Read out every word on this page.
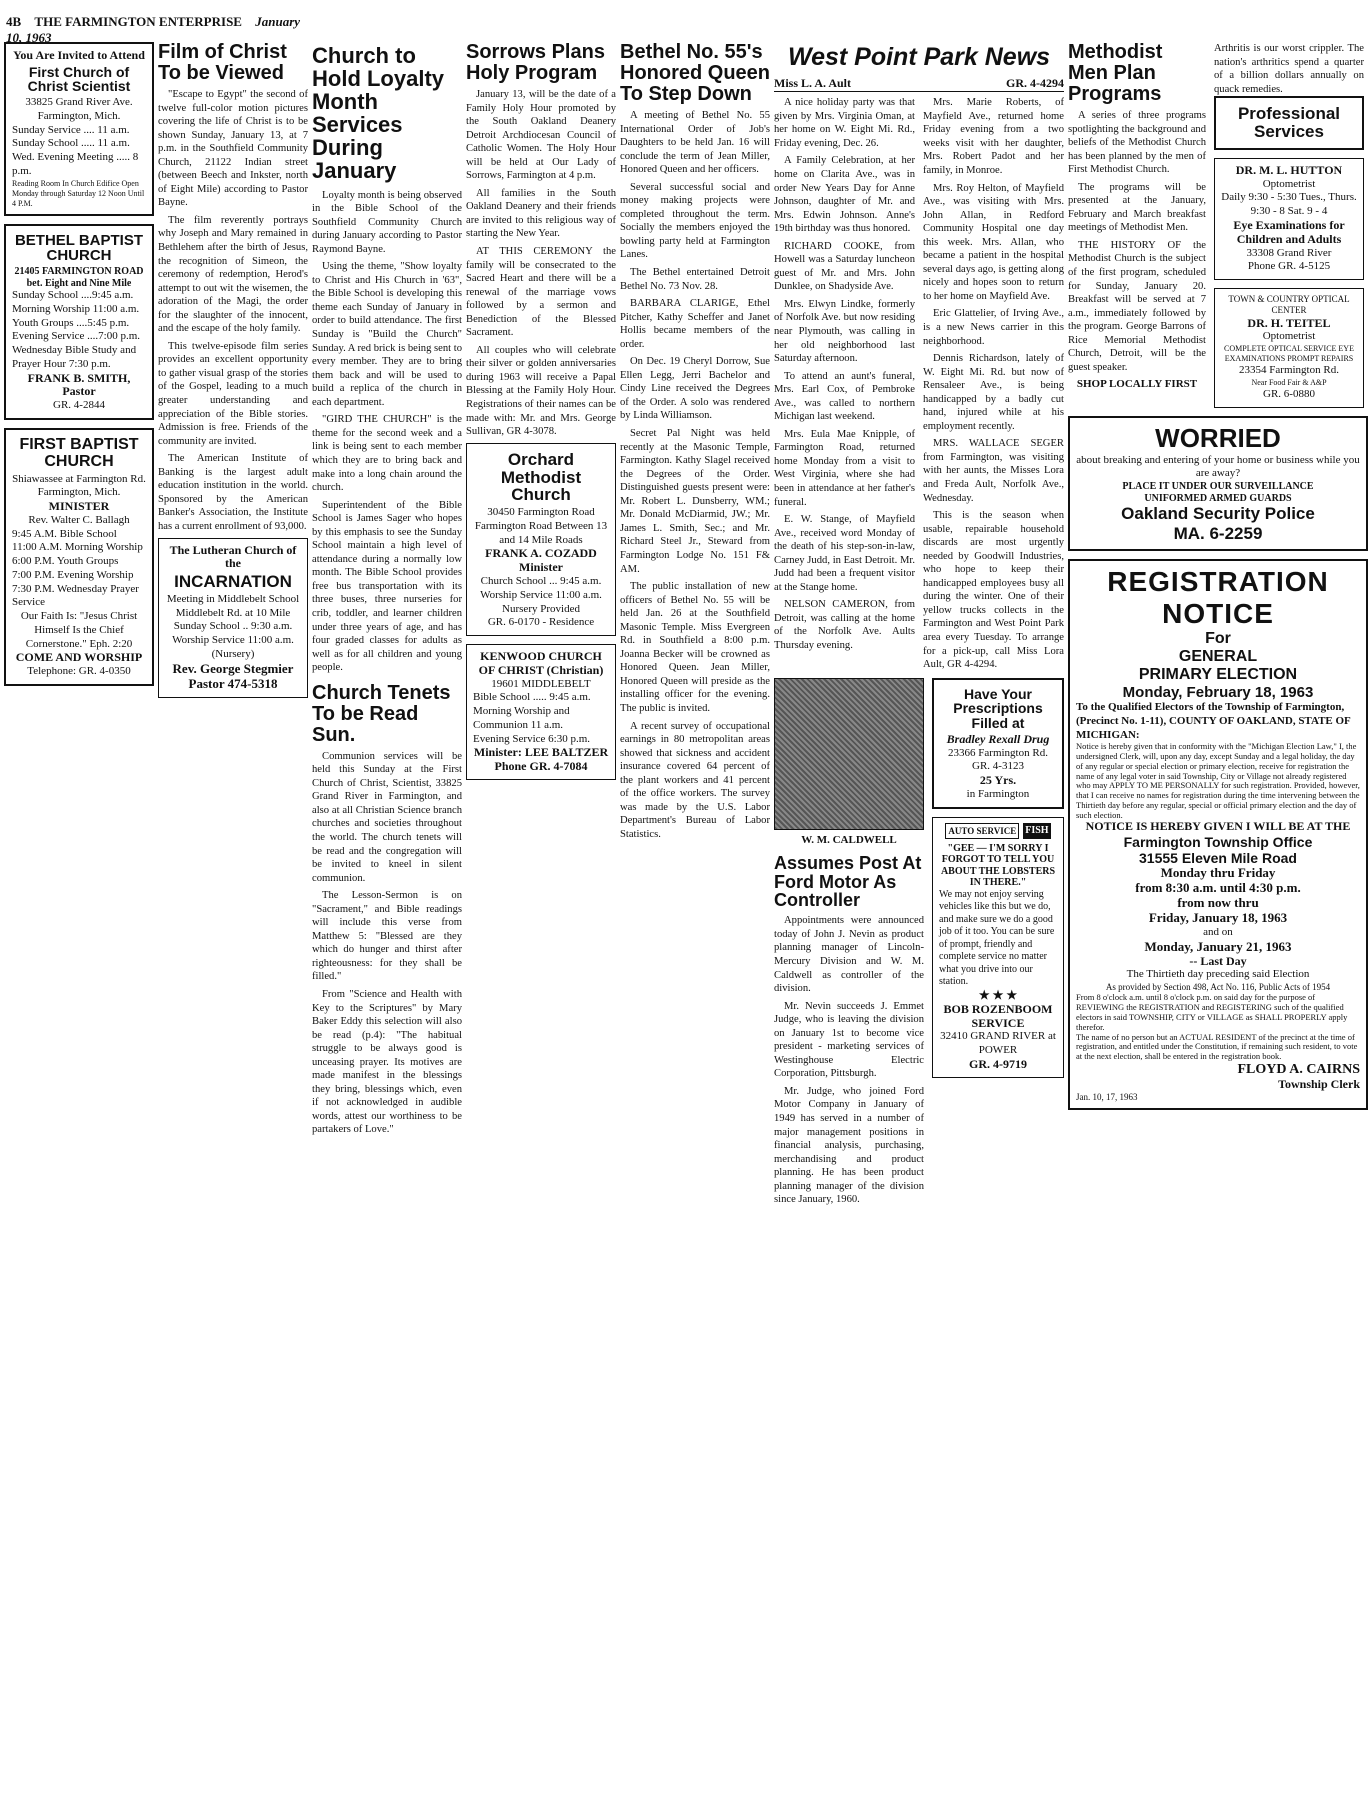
4B THE FARMINGTON ENTERPRISE January 10, 1963
You Are Invited to Attend
First Church of Christ Scientist
33825 Grand River Ave.
Farmington, Mich.
Sunday Service .... 11 a.m.
Sunday School ..... 11 a.m.
Wed. Evening Meeting ..... 8 p.m.
Reading Room In Church Edifice Open Monday through Saturday 12 Noon Until 4 P.M.
BETHEL BAPTIST CHURCH
21405 FARMINGTON ROAD bet. Eight and Nine Mile
Sunday School ....9:45 a.m.
Morning Worship 11:00 a.m.
Youth Groups ....5:45 p.m.
Evening Service ....7:00 p.m.
Wednesday Bible Study and Prayer Hour 7:30 p.m.
FRANK B. SMITH, Pastor
GR. 4-2844
FIRST BAPTIST CHURCH
Shiawassee at Farmington Rd. Farmington, Mich.
MINISTER
Rev. Walter C. Ballagh
9:45 A.M. Bible School
11:00 A.M. Morning Worship
6:00 P.M. Youth Groups
7:00 P.M. Evening Worship
7:30 P.M. Wednesday Prayer Service
Our Faith Is: "Jesus Christ Himself Is the Chief Cornerstone." Eph. 2:20
COME AND WORSHIP
Telephone: GR. 4-0350
Film of Christ To be Viewed

"Escape to Egypt" the second of twelve full-color motion pictures covering the life of Christ is to be shown Sunday, January 13, at 7 p.m. in the Southfield Community Church, 21122 Indian street (between Beech and Inkster, north of Eight Mile) according to Pastor Bayne.

The film reverently portrays why Joseph and Mary remained in Bethlehem after the birth of Jesus, the recognition of Simeon, the ceremony of redemption, Herod's attempt to out wit the wisemen, the adoration of the Magi, the order for the slaughter of the innocent, and the escape of the holy family.

This twelve-episode film series provides an excellent opportunity to gather visual grasp of the stories of the Gospel, leading to a much greater understanding and appreciation of the Bible stories. Admission is free. Friends of the community are invited.

The American Institute of Banking is the largest adult education institution in the world. Sponsored by the American Banker's Association, the Institute has a current enrollment of 93,000.

The Lutheran Church of the
INCARNATION
Meeting in Middlebelt School Middlebelt Rd. at 10 Mile
Sunday School .. 9:30 a.m.
Worship Service 11:00 a.m.
(Nursery)
Rev. George Stegmier Pastor 474-5318
Church to Hold Loyalty Month Services During January

Loyalty month is being observed in the Bible School of the Southfield Community Church during January according to Pastor Raymond Bayne.

Using the theme, "Show loyalty to Christ and His Church in '63", the Bible School is developing this theme each Sunday of January in order to build attendance. The first Sunday is "Build the Church" Sunday. A red brick is being sent to every member. They are to bring them back and will be used to build a replica of the church in each department.

"GIRD THE CHURCH" is the theme for the second week and a link is being sent to each member which they are to bring back and make into a long chain around the church.

Superintendent of the Bible School is James Sager who hopes by this emphasis to see the Sunday School maintain a high level of attendance during a normally low month. The Bible School provides free bus transportation with its three buses, three nurseries for crib, toddler, and learner children under three years of age, and has four graded classes for adults as well as for all children and young people.

Church Tenets To be Read Sun.

Communion services will be held this Sunday at the First Church of Christ, Scientist, 33825 Grand River in Farmington, and also at all Christian Science branch churches and societies throughout the world. The church tenets will be read and the congregation will be invited to kneel in silent communion.

The Lesson-Sermon is on "Sacrament," and Bible readings will include this verse from Matthew 5: "Blessed are they which do hunger and thirst after righteousness: for they shall be filled."

From "Science and Health with Key to the Scriptures" by Mary Baker Eddy this selection will also be read (p.4): "The habitual struggle to be always good is unceasing prayer. Its motives are made manifest in the blessings they bring, blessings which, even if not acknowledged in audible words, attest our worthiness to be partakers of Love."

Sorrows Plans Holy Program

January 13, will be the date of a Family Holy Hour promoted by the South Oakland Deanery Detroit Archdiocesan Council of Catholic Women. The Holy Hour will be held at Our Lady of Sorrows, Farmington at 4 p.m.

All families in the South Oakland Deanery and their friends are invited to this religious way of starting the New Year.

AT THIS CEREMONY the family will be consecrated to the Sacred Heart and there will be a renewal of the marriage vows followed by a sermon and Benediction of the Blessed Sacrament.

All couples who will celebrate their silver or golden anniversaries during 1963 will receive a Papal Blessing at the Family Holy Hour. Registrations of their names can be made with: Mr. and Mrs. George Sullivan, GR 4-3078.

Orchard Methodist Church
30450 Farmington Road Farmington Road Between 13 and 14 Mile Roads
FRANK A. COZADD Minister
Church School ... 9:45 a.m.
Worship Service 11:00 a.m.
Nursery Provided
GR. 6-0170 - Residence
KENWOOD CHURCH OF CHRIST (Christian)
19601 MIDDLEBELT
Bible School ..... 9:45 a.m.
Morning Worship and Communion 11 a.m.
Evening Service 6:30 p.m.
Minister: LEE BALTZER Phone GR. 4-7084
Bethel No. 55's Honored Queen To Step Down

A meeting of Bethel No. 55 International Order of Job's Daughters to be held Jan. 16 will conclude the term of Jean Miller, Honored Queen and her officers.

Several successful social and money making projects were completed throughout the term. Socially the members enjoyed the bowling party held at Farmington Lanes.

The Bethel entertained Detroit Bethel No. 73 Nov. 28.

BARBARA CLARIGE, Ethel Pitcher, Kathy Scheffer and Janet Hollis became members of the order.

On Dec. 19 Cheryl Dorrow, Sue Ellen Legg, Jerri Bachelor and Cindy Line received the Degrees of the Order. A solo was rendered by Linda Williamson.

Secret Pal Night was held recently at the Masonic Temple, Farmington. Kathy Slagel received the Degrees of the Order. Distinguished guests present were: Mr. Robert L. Dunsberry, WM.; Mr. Donald McDiarmid, JW.; Mr. James L. Smith, Sec.; and Mr. Richard Steel Jr., Steward from Farmington Lodge No. 151 F& AM.

The public installation of new officers of Bethel No. 55 will be held Jan. 26 at the Southfield Masonic Temple. Miss Evergreen Rd. in Southfield a 8:00 p.m. Joanna Becker will be crowned as Honored Queen. Jean Miller, Honored Queen will preside as the installing officer for the evening. The public is invited.

A recent survey of occupational earnings in 80 metropolitan areas showed that sickness and accident insurance covered 64 percent of the plant workers and 41 percent of the office workers. The survey was made by the U.S. Labor Department's Bureau of Labor Statistics.

West Point Park News
Miss L. A. Ault	GR. 4-4294

A nice holiday party was that given by Mrs. Virginia Oman, at her home on W. Eight Mi. Rd., Friday evening, Dec. 26.

A Family Celebration, at her home on Clarita Ave., was in order New Years Day for Anne Johnson, daughter of Mr. and Mrs. Edwin Johnson. Anne's 19th birthday was thus honored.

RICHARD COOKE, from Howell was a Saturday luncheon guest of Mr. and Mrs. John Dunklee, on Shadyside Ave.

Mrs. Elwyn Lindke, formerly of Norfolk Ave. but now residing near Plymouth, was calling in her old neighborhood last Saturday afternoon.

To attend an aunt's funeral, Mrs. Earl Cox, of Pembroke Ave., was called to northern Michigan last weekend.

Mrs. Eula Mae Knipple, of Farmington Road, returned home Monday from a visit to West Virginia, where she had been in attendance at her father's funeral.

E. W. Stange, of Mayfield Ave., received word Monday of the death of his step-son-in-law, Carney Judd, in East Detroit. Mr. Judd had been a frequent visitor at the Stange home.

NELSON CAMERON, from Detroit, was calling at the home of the Norfolk Ave. Aults Thursday evening.

Mrs. Marie Roberts, of Mayfield Ave., returned home Friday evening from a two weeks visit with her daughter, Mrs. Robert Padot and her family, in Monroe.

Mrs. Roy Helton, of Mayfield Ave., was visiting with Mrs. John Allan, in Redford Community Hospital one day this week. Mrs. Allan, who became a patient in the hospital several days ago, is getting along nicely and hopes soon to return to her home on Mayfield Ave.

Eric Glattelier, of Irving Ave., is a new News carrier in this neighborhood.

Dennis Richardson, lately of W. Eight Mi. Rd. but now of Rensaleer Ave., is being handicapped by a badly cut hand, injured while at his employment recently.

MRS. WALLACE SEGER from Farmington, was visiting with her aunts, the Misses Lora and Freda Ault, Norfolk Ave., Wednesday.

This is the season when usable, repairable household discards are most urgently needed by Goodwill Industries, who hope to keep their handicapped employees busy all during the winter. One of their yellow trucks collects in the Farmington and West Point Park area every Tuesday. To arrange for a pick-up, call Miss Lora Ault, GR 4-4294.

W. M. CALDWELL
Assumes Post At Ford Motor As Controller

Appointments were announced today of John J. Nevin as product planning manager of Lincoln-Mercury Division and W. M. Caldwell as controller of the division.

Mr. Nevin succeeds J. Emmet Judge, who is leaving the division on January 1st to become vice president - marketing services of Westinghouse Electric Corporation, Pittsburgh.

Mr. Judge, who joined Ford Motor Company in January of 1949 has served in a number of major management positions in financial analysis, purchasing, merchandising and product planning. He has been product planning manager of the division since January, 1960.

Have Your Prescriptions Filled at
Bradley Rexall Drug
23366 Farmington Rd.
GR. 4-3123
25 Yrs.
in Farmington
AUTO SERVICE FISH
"GEE — I'M SORRY I FORGOT TO TELL YOU ABOUT THE LOBSTERS IN THERE."
We may not enjoy serving vehicles like this but we do, and make sure we do a good job of it too. You can be sure of prompt, friendly and complete service no matter what you drive into our station.
★ ★ ★
BOB ROZENBOOM SERVICE
32410 GRAND RIVER at POWER
GR. 4-9719
Methodist Men Plan Programs

A series of three programs spotlighting the background and beliefs of the Methodist Church has been planned by the men of First Methodist Church.

The programs will be presented at the January, February and March breakfast meetings of Methodist Men.

THE HISTORY OF the Methodist Church is the subject of the first program, scheduled for Sunday, January 20. Breakfast will be served at 7 a.m., immediately followed by the program. George Barrons of Rice Memorial Methodist Church, Detroit, will be the guest speaker.

SHOP LOCALLY FIRST
Arthritis is our worst crippler. The nation's arthritics spend a quarter of a billion dollars annually on quack remedies.
Professional Services
DR. M. L. HUTTON
Optometrist
Daily 9:30 - 5:30 Tues., Thurs. 9:30 - 8 Sat. 9 - 4
Eye Examinations for Children and Adults
33308 Grand River
Phone GR. 4-5125
TOWN & COUNTRY OPTICAL CENTER
DR. H. TEITEL
Optometrist
COMPLETE OPTICAL SERVICE EYE EXAMINATIONS PROMPT REPAIRS
23354 Farmington Rd.
Near Food Fair & A&P
GR. 6-0880
WORRIED
about breaking and entering of your home or business while you are away?
PLACE IT UNDER OUR SURVEILLANCE
UNIFORMED ARMED GUARDS
Oakland Security Police
MA. 6-2259
REGISTRATION
NOTICE
For
GENERAL
PRIMARY ELECTION
Monday, February 18, 1963
To the Qualified Electors of the Township of Farmington, (Precinct No. 1-11), COUNTY OF OAKLAND, STATE OF MICHIGAN:
Notice is hereby given that in conformity with the "Michigan Election Law," I, the undersigned Clerk, will, upon any day, except Sunday and a legal holiday, the day of any regular or special election or primary election, receive for registration the name of any legal voter in said Township, City or Village not already registered who may APPLY TO ME PERSONALLY for such registration. Provided, however, that I can receive no names for registration during the time intervening between the Thirtieth day before any regular, special or official primary election and the day of such election.
NOTICE IS HEREBY GIVEN I WILL BE AT THE
Farmington Township Office
31555 Eleven Mile Road
Monday thru Friday
from 8:30 a.m. until 4:30 p.m.
from now thru
Friday, January 18, 1963
and on
Monday, January 21, 1963
-- Last Day
The Thirtieth day preceding said Election
As provided by Section 498, Act No. 116, Public Acts of 1954
From 8 o'clock a.m. until 8 o'clock p.m. on said day for the purpose of REVIEWING the REGISTRATION and REGISTERING such of the qualified electors in said TOWNSHIP, CITY or VILLAGE as SHALL PROPERLY apply therefor.
The name of no person but an ACTUAL RESIDENT of the precinct at the time of registration, and entitled under the Constitution, if remaining such resident, to vote at the next election, shall be entered in the registration book.
FLOYD A. CAIRNS
Township Clerk
Jan. 10, 17, 1963
